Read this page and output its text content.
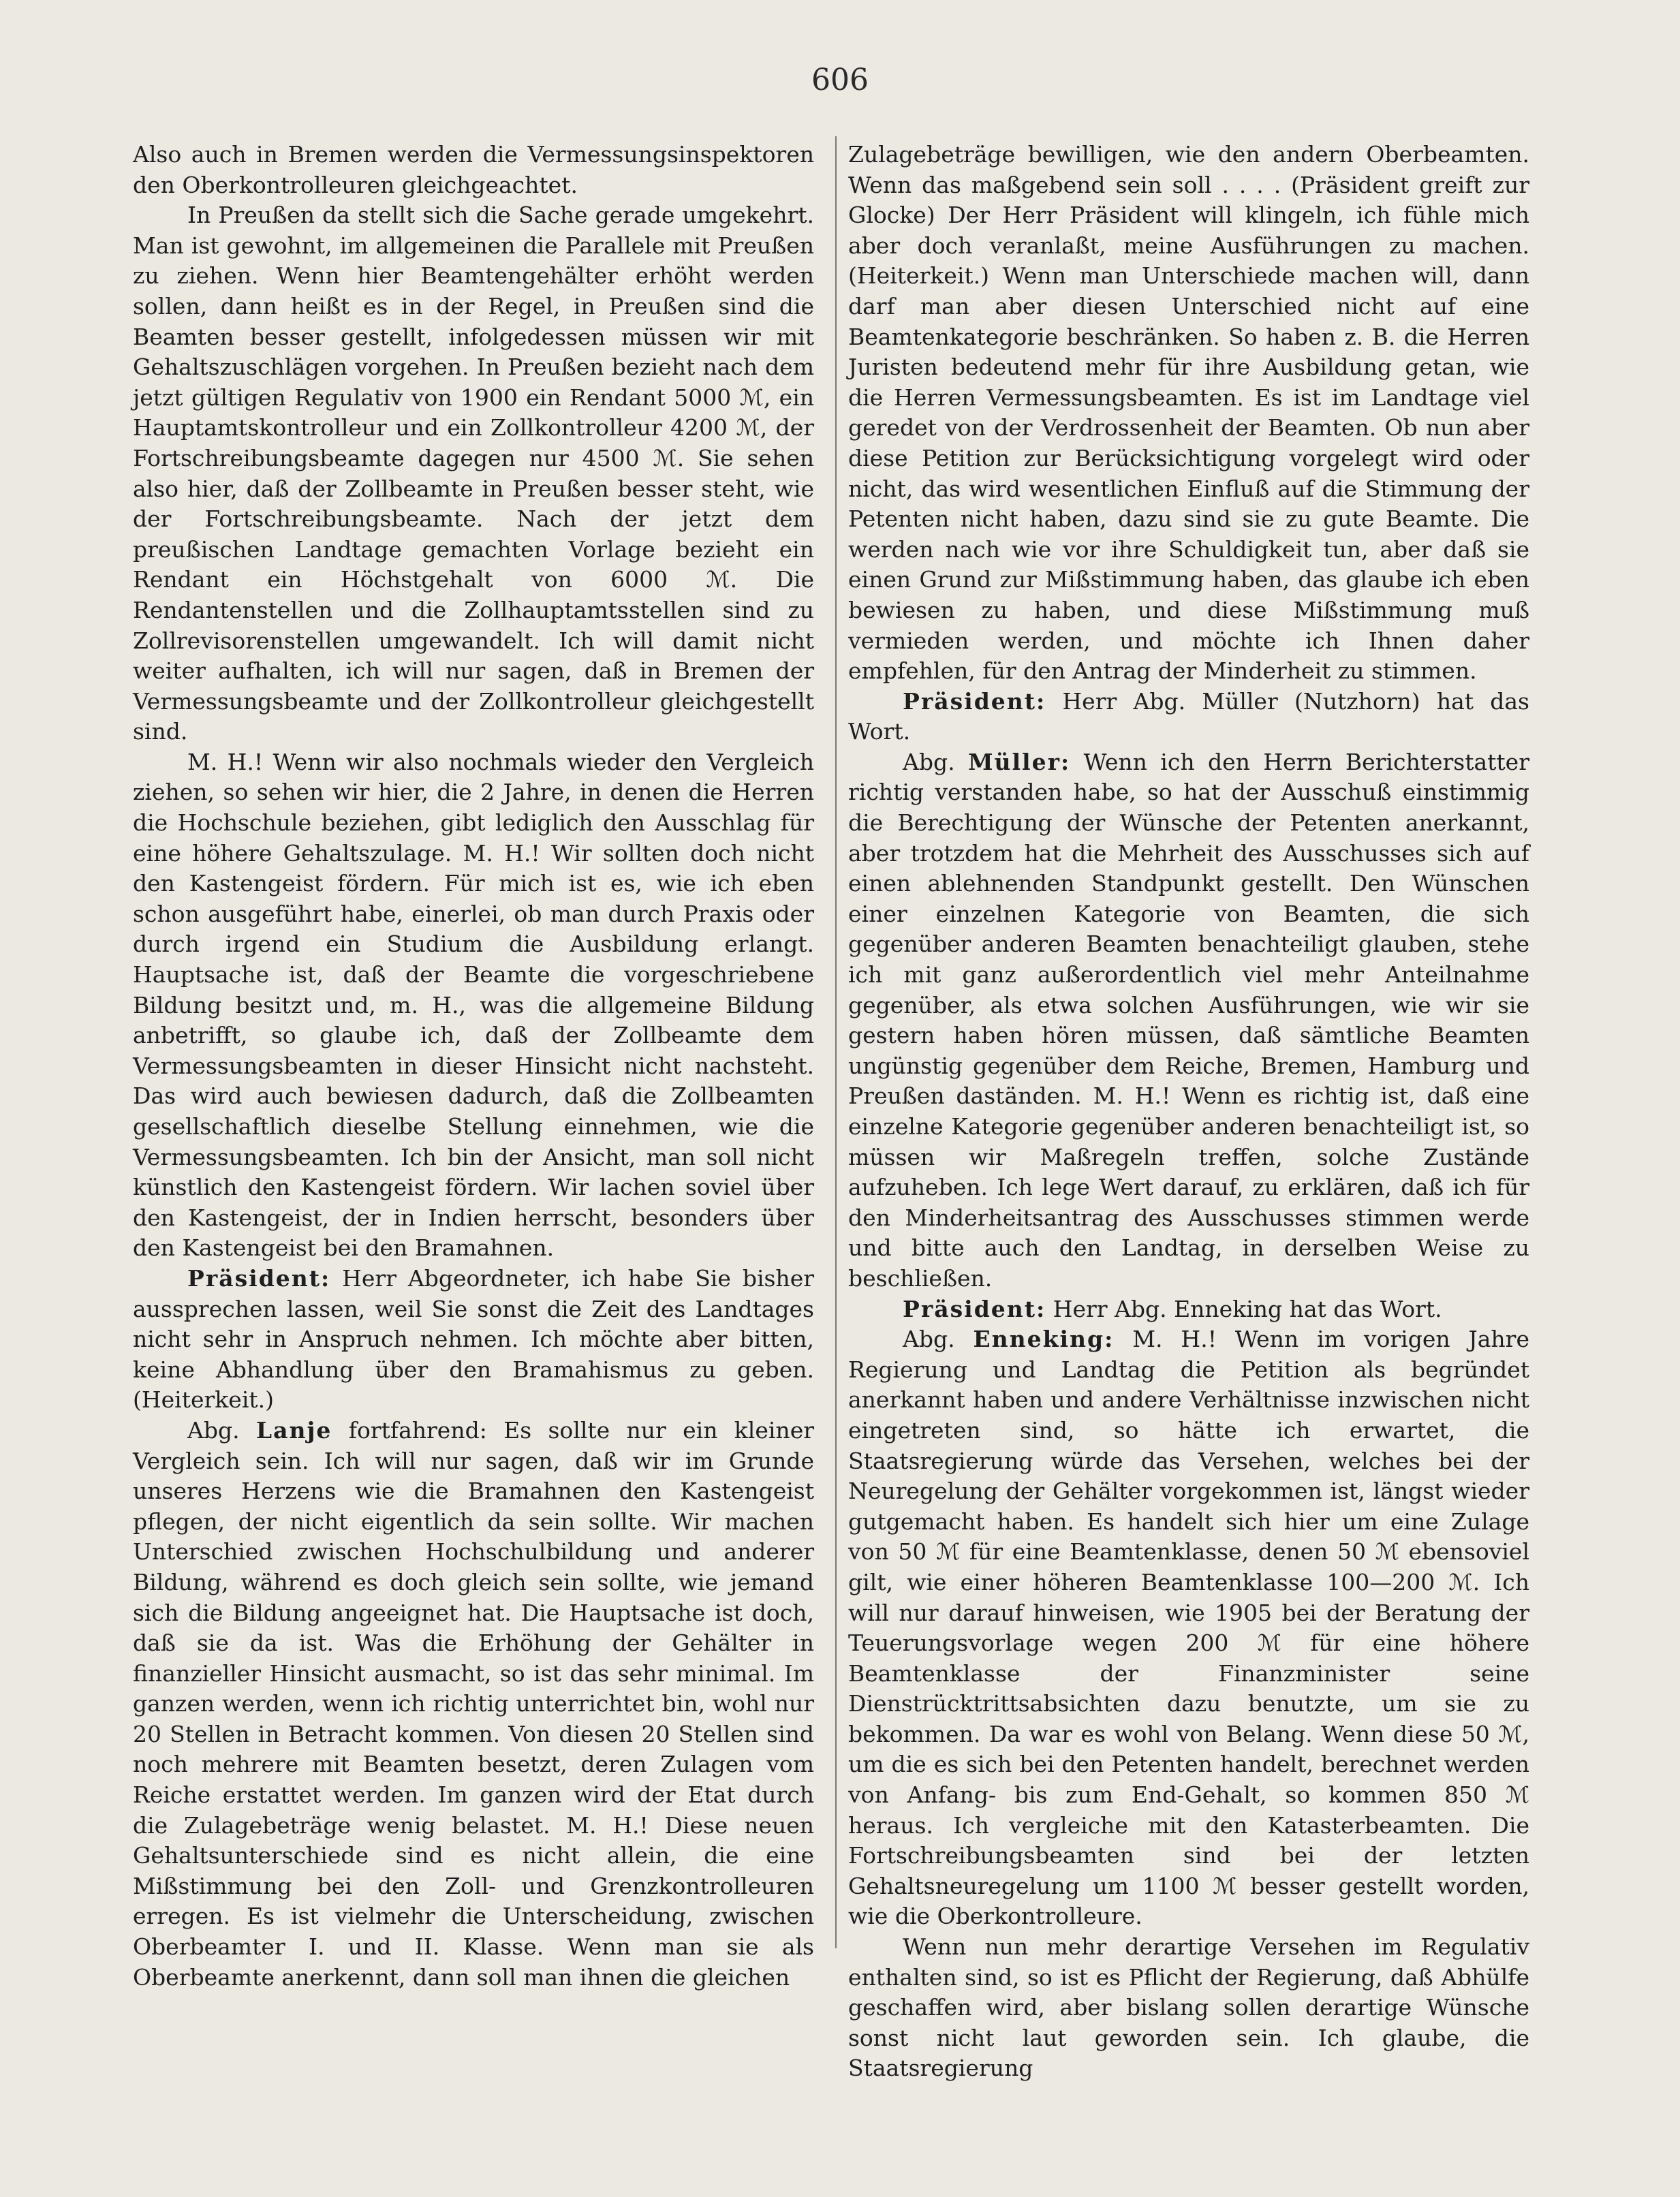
606

Also auch in Bremen werden die Vermessungsinspektoren den Oberkontrolleuren gleichgeachtet.

In Preußen da stellt sich die Sache gerade umgekehrt. Man ist gewohnt, im allgemeinen die Parallele mit Preußen zu ziehen. Wenn hier Beamtengehälter erhöht werden sollen, dann heißt es in der Regel, in Preußen sind die Beamten besser gestellt, infolgedessen müssen wir mit Gehaltszuschlägen vorgehen. In Preußen bezieht nach dem jetzt gültigen Regulativ von 1900 ein Rendant 5000 ℳ, ein Hauptamtskontrolleur und ein Zollkontrolleur 4200 ℳ, der Fortschreibungsbeamte dagegen nur 4500 ℳ. Sie sehen also hier, daß der Zollbeamte in Preußen besser steht, wie der Fortschreibungsbeamte. Nach der jetzt dem preußischen Landtage gemachten Vorlage bezieht ein Rendant ein Höchstgehalt von 6000 ℳ. Die Rendantenstellen und die Zollhauptamtsstellen sind zu Zollrevisorenstellen umgewandelt. Ich will damit nicht weiter aufhalten, ich will nur sagen, daß in Bremen der Vermessungsbeamte und der Zollkontrolleur gleichgestellt sind.

M. H.! Wenn wir also nochmals wieder den Vergleich ziehen, so sehen wir hier, die 2 Jahre, in denen die Herren die Hochschule beziehen, gibt lediglich den Ausschlag für eine höhere Gehaltszulage. M. H.! Wir sollten doch nicht den Kastengeist fördern. Für mich ist es, wie ich eben schon ausgeführt habe, einerlei, ob man durch Praxis oder durch irgend ein Studium die Ausbildung erlangt. Hauptsache ist, daß der Beamte die vorgeschriebene Bildung besitzt und, m. H., was die allgemeine Bildung anbetrifft, so glaube ich, daß der Zollbeamte dem Vermessungsbeamten in dieser Hinsicht nicht nachsteht. Das wird auch bewiesen dadurch, daß die Zollbeamten gesellschaftlich dieselbe Stellung einnehmen, wie die Vermessungsbeamten. Ich bin der Ansicht, man soll nicht künstlich den Kastengeist fördern. Wir lachen soviel über den Kastengeist, der in Indien herrscht, besonders über den Kastengeist bei den Bramahnen.

Präsident: Herr Abgeordneter, ich habe Sie bisher aussprechen lassen, weil Sie sonst die Zeit des Landtages nicht sehr in Anspruch nehmen. Ich möchte aber bitten, keine Abhandlung über den Bramahismus zu geben. (Heiterkeit.)

Abg. Lanje fortfahrend: Es sollte nur ein kleiner Vergleich sein. Ich will nur sagen, daß wir im Grunde unseres Herzens wie die Bramahnen den Kastengeist pflegen, der nicht eigentlich da sein sollte. Wir machen Unterschied zwischen Hochschulbildung und anderer Bildung, während es doch gleich sein sollte, wie jemand sich die Bildung angeeignet hat. Die Hauptsache ist doch, daß sie da ist. Was die Erhöhung der Gehälter in finanzieller Hinsicht ausmacht, so ist das sehr minimal. Im ganzen werden, wenn ich richtig unterrichtet bin, wohl nur 20 Stellen in Betracht kommen. Von diesen 20 Stellen sind noch mehrere mit Beamten besetzt, deren Zulagen vom Reiche erstattet werden. Im ganzen wird der Etat durch die Zulagebeträge wenig belastet. M. H.! Diese neuen Gehaltsunterschiede sind es nicht allein, die eine Mißstimmung bei den Zoll- und Grenzkontrolleuren erregen. Es ist vielmehr die Unterscheidung, zwischen Oberbeamter I. und II. Klasse. Wenn man sie als Oberbeamte anerkennt, dann soll man ihnen die gleichen

Zulagebeträge bewilligen, wie den andern Oberbeamten. Wenn das maßgebend sein soll . . . . (Präsident greift zur Glocke) Der Herr Präsident will klingeln, ich fühle mich aber doch veranlaßt, meine Ausführungen zu machen. (Heiterkeit.) Wenn man Unterschiede machen will, dann darf man aber diesen Unterschied nicht auf eine Beamtenkategorie beschränken. So haben z. B. die Herren Juristen bedeutend mehr für ihre Ausbildung getan, wie die Herren Vermessungsbeamten. Es ist im Landtage viel geredet von der Verdrossenheit der Beamten. Ob nun aber diese Petition zur Berücksichtigung vorgelegt wird oder nicht, das wird wesentlichen Einfluß auf die Stimmung der Petenten nicht haben, dazu sind sie zu gute Beamte. Die werden nach wie vor ihre Schuldigkeit tun, aber daß sie einen Grund zur Mißstimmung haben, das glaube ich eben bewiesen zu haben, und diese Mißstimmung muß vermieden werden, und möchte ich Ihnen daher empfehlen, für den Antrag der Minderheit zu stimmen.

Präsident: Herr Abg. Müller (Nutzhorn) hat das Wort.

Abg. Müller: Wenn ich den Herrn Berichterstatter richtig verstanden habe, so hat der Ausschuß einstimmig die Berechtigung der Wünsche der Petenten anerkannt, aber trotzdem hat die Mehrheit des Ausschusses sich auf einen ablehnenden Standpunkt gestellt. Den Wünschen einer einzelnen Kategorie von Beamten, die sich gegenüber anderen Beamten benachteiligt glauben, stehe ich mit ganz außerordentlich viel mehr Anteilnahme gegenüber, als etwa solchen Ausführungen, wie wir sie gestern haben hören müssen, daß sämtliche Beamten ungünstig gegenüber dem Reiche, Bremen, Hamburg und Preußen daständen. M. H.! Wenn es richtig ist, daß eine einzelne Kategorie gegenüber anderen benachteiligt ist, so müssen wir Maßregeln treffen, solche Zustände aufzuheben. Ich lege Wert darauf, zu erklären, daß ich für den Minderheitsantrag des Ausschusses stimmen werde und bitte auch den Landtag, in derselben Weise zu beschließen.

Präsident: Herr Abg. Enneking hat das Wort.

Abg. Enneking: M. H.! Wenn im vorigen Jahre Regierung und Landtag die Petition als begründet anerkannt haben und andere Verhältnisse inzwischen nicht eingetreten sind, so hätte ich erwartet, die Staatsregierung würde das Versehen, welches bei der Neuregelung der Gehälter vorgekommen ist, längst wieder gutgemacht haben. Es handelt sich hier um eine Zulage von 50 ℳ für eine Beamtenklasse, denen 50 ℳ ebensoviel gilt, wie einer höheren Beamtenklasse 100—200 ℳ. Ich will nur darauf hinweisen, wie 1905 bei der Beratung der Teuerungsvorlage wegen 200 ℳ für eine höhere Beamtenklasse der Finanzminister seine Dienstrücktrittsabsichten dazu benutzte, um sie zu bekommen. Da war es wohl von Belang. Wenn diese 50 ℳ, um die es sich bei den Petenten handelt, berechnet werden von Anfang- bis zum End-Gehalt, so kommen 850 ℳ heraus. Ich vergleiche mit den Katasterbeamten. Die Fortschreibungsbeamten sind bei der letzten Gehaltsneuregelung um 1100 ℳ besser gestellt worden, wie die Oberkontrolleure.

Wenn nun mehr derartige Versehen im Regulativ enthalten sind, so ist es Pflicht der Regierung, daß Abhülfe geschaffen wird, aber bislang sollen derartige Wünsche sonst nicht laut geworden sein. Ich glaube, die Staatsregierung
